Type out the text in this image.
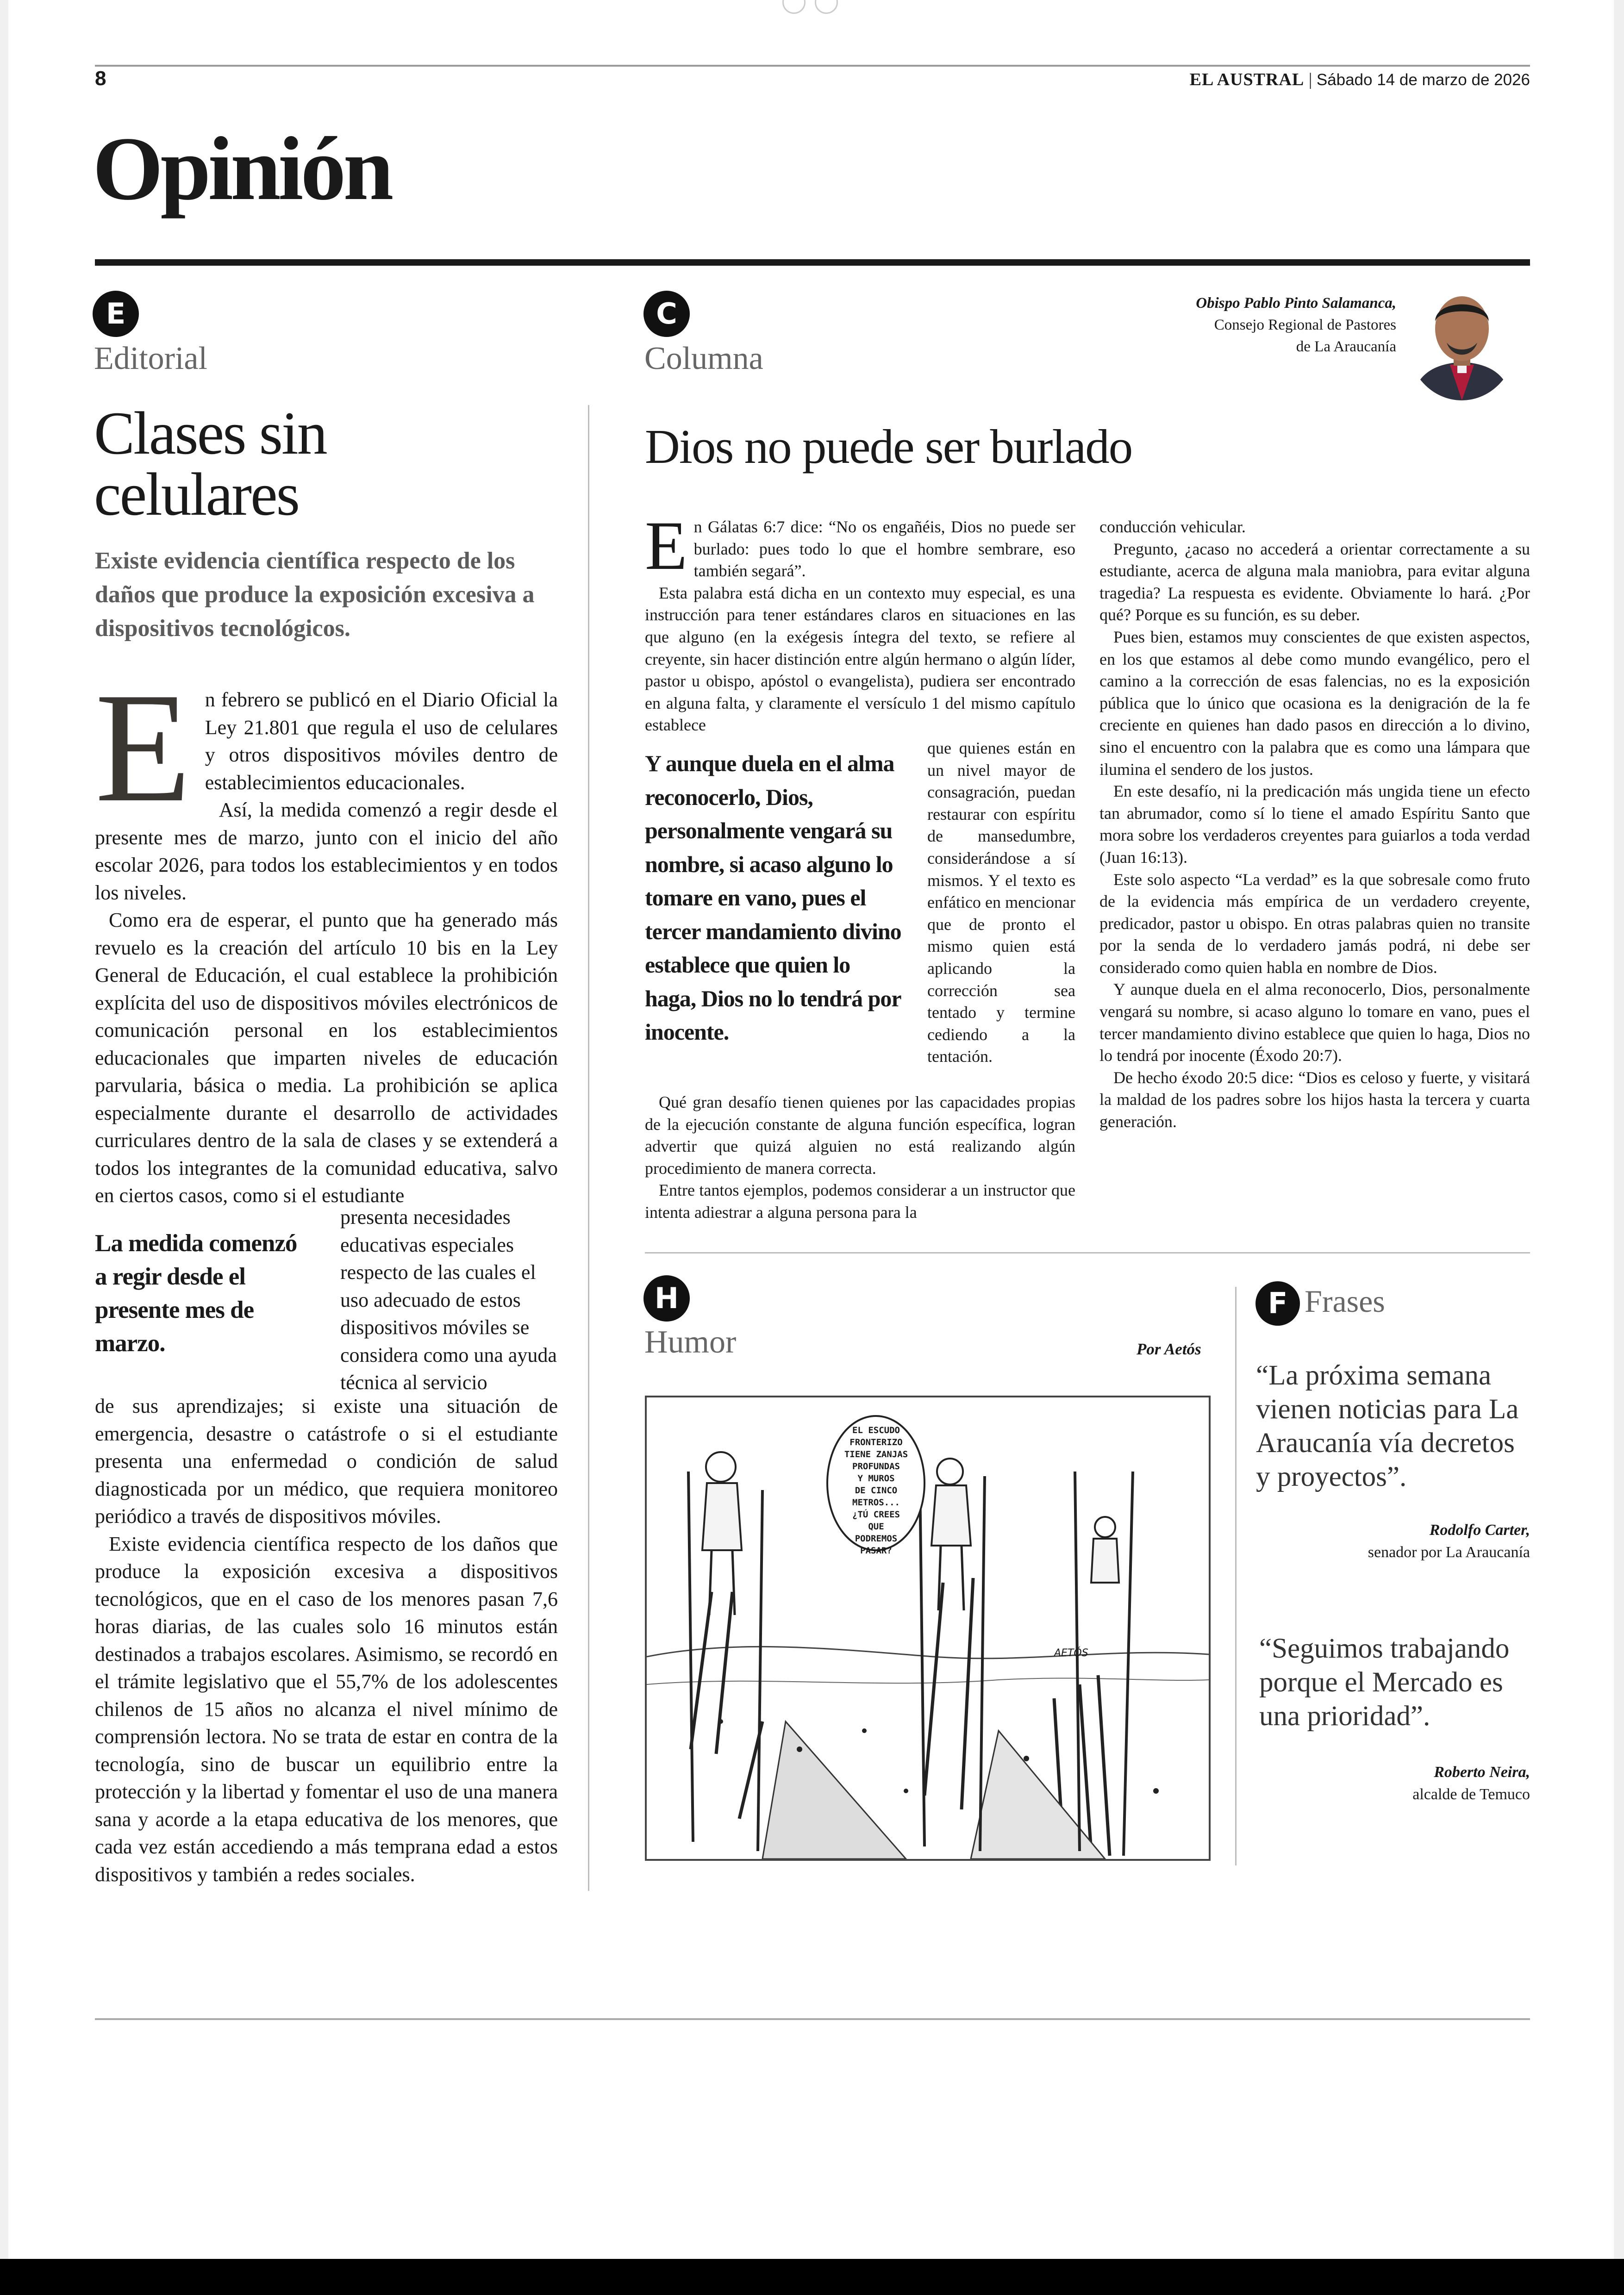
8	EL AUSTRAL | Sábado 14 de marzo de 2026
Opinión
E
Editorial
Clases sin celulares
Existe evidencia científica respecto de los daños que produce la exposición excesiva a dispositivos tecnológicos.
E n febrero se publicó en el Diario Oficial la Ley 21.801 que regula el uso de celulares y otros dispositivos móviles dentro de establecimientos educacionales.

Así, la medida comenzó a regir desde el presente mes de marzo, junto con el inicio del año escolar 2026, para todos los establecimientos y en todos los niveles.

Como era de esperar, el punto que ha generado más revuelo es la creación del artículo 10 bis en la Ley General de Educación, el cual establece la prohibición explícita del uso de dispositivos móviles electrónicos de comunicación personal en los establecimientos educacionales que imparten niveles de educación parvularia, básica o media. La prohibición se aplica especialmente durante el desarrollo de actividades curriculares dentro de la sala de clases y se extenderá a todos los integrantes de la comunidad educativa, salvo en ciertos casos, como si el estudiante

La medida comenzó a regir desde el presente mes de marzo.

presenta necesidades educativas especiales respecto de las cuales el uso adecuado de estos dispositivos móviles se considera como una ayuda técnica al servicio

de sus aprendizajes; si existe una situación de emergencia, desastre o catástrofe o si el estudiante presenta una enfermedad o condición de salud diagnosticada por un médico, que requiera monitoreo periódico a través de dispositivos móviles.

Existe evidencia científica respecto de los daños que produce la exposición excesiva a dispositivos tecnológicos, que en el caso de los menores pasan 7,6 horas diarias, de las cuales solo 16 minutos están destinados a trabajos escolares. Asimismo, se recordó en el trámite legislativo que el 55,7% de los adolescentes chilenos de 15 años no alcanza el nivel mínimo de comprensión lectora. No se trata de estar en contra de la tecnología, sino de buscar un equilibrio entre la protección y la libertad y fomentar el uso de una manera sana y acorde a la etapa educativa de los menores, que cada vez están accediendo a más temprana edad a estos dispositivos y también a redes sociales.

C
Columna
Obispo Pablo Pinto Salamanca,
Consejo Regional de Pastores
de La Araucanía
Dios no puede ser burlado
E n Gálatas 6:7 dice: “No os engañéis, Dios no puede ser burlado: pues todo lo que el hombre sembrare, eso también segará”.

Esta palabra está dicha en un contexto muy especial, es una instrucción para tener estándares claros en situaciones en las que alguno (en la exégesis íntegra del texto, se refiere al creyente, sin hacer distinción entre algún hermano o algún líder, pastor u obispo, apóstol o evangelista), pudiera ser encontrado en alguna falta, y claramente el versículo 1 del mismo capítulo establece

Y aunque duela en el alma reconocerlo, Dios, personalmente vengará su nombre, si acaso alguno lo tomare en vano, pues el tercer mandamiento divino establece que quien lo haga, Dios no lo tendrá por inocente.

que quienes están en un nivel mayor de consagración, puedan restaurar con espíritu de mansedumbre, considerándose a sí mismos. Y el texto es enfático en mencionar que de pronto el mismo quien está aplicando la corrección sea tentado y termine cediendo a la tentación.

Qué gran desafío tienen quienes por las capacidades propias de la ejecución constante de alguna función específica, logran advertir que quizá alguien no está realizando algún procedimiento de manera correcta.

Entre tantos ejemplos, podemos considerar a un instructor que intenta adiestrar a alguna persona para la

conducción vehicular.

Pregunto, ¿acaso no accederá a orientar correctamente a su estudiante, acerca de alguna mala maniobra, para evitar alguna tragedia? La respuesta es evidente. Obviamente lo hará. ¿Por qué? Porque es su función, es su deber.

Pues bien, estamos muy conscientes de que existen aspectos, en los que estamos al debe como mundo evangélico, pero el camino a la corrección de esas falencias, no es la exposición pública que lo único que ocasiona es la denigración de la fe creciente en quienes han dado pasos en dirección a lo divino, sino el encuentro con la palabra que es como una lámpara que ilumina el sendero de los justos.

En este desafío, ni la predicación más ungida tiene un efecto tan abrumador, como sí lo tiene el amado Espíritu Santo que mora sobre los verdaderos creyentes para guiarlos a toda verdad (Juan 16:13).

Este solo aspecto “La verdad” es la que sobresale como fruto de la evidencia más empírica de un verdadero creyente, predicador, pastor u obispo. En otras palabras quien no transite por la senda de lo verdadero jamás podrá, ni debe ser considerado como quien habla en nombre de Dios.

Y aunque duela en el alma reconocerlo, Dios, personalmente vengará su nombre, si acaso alguno lo tomare en vano, pues el tercer mandamiento divino establece que quien lo haga, Dios no lo tendrá por inocente (Éxodo 20:7).

De hecho éxodo 20:5 dice: “Dios es celoso y fuerte, y visitará la maldad de los padres sobre los hijos hasta la tercera y cuarta generación.

H
Humor	Por Aetós
EL ESCUDO
FRONTERIZO
TIENE ZANJAS
PROFUNDAS
Y MUROS
DE CINCO
METROS...
¿TÚ CREES
QUE
PODREMOS
PASAR?
AETÓS
F Frases
“La próxima semana vienen noticias para La Araucanía vía decretos y proyectos”.
Rodolfo Carter,
senador por La Araucanía
“Seguimos trabajando porque el Mercado es una prioridad”.
Roberto Neira,
alcalde de Temuco
